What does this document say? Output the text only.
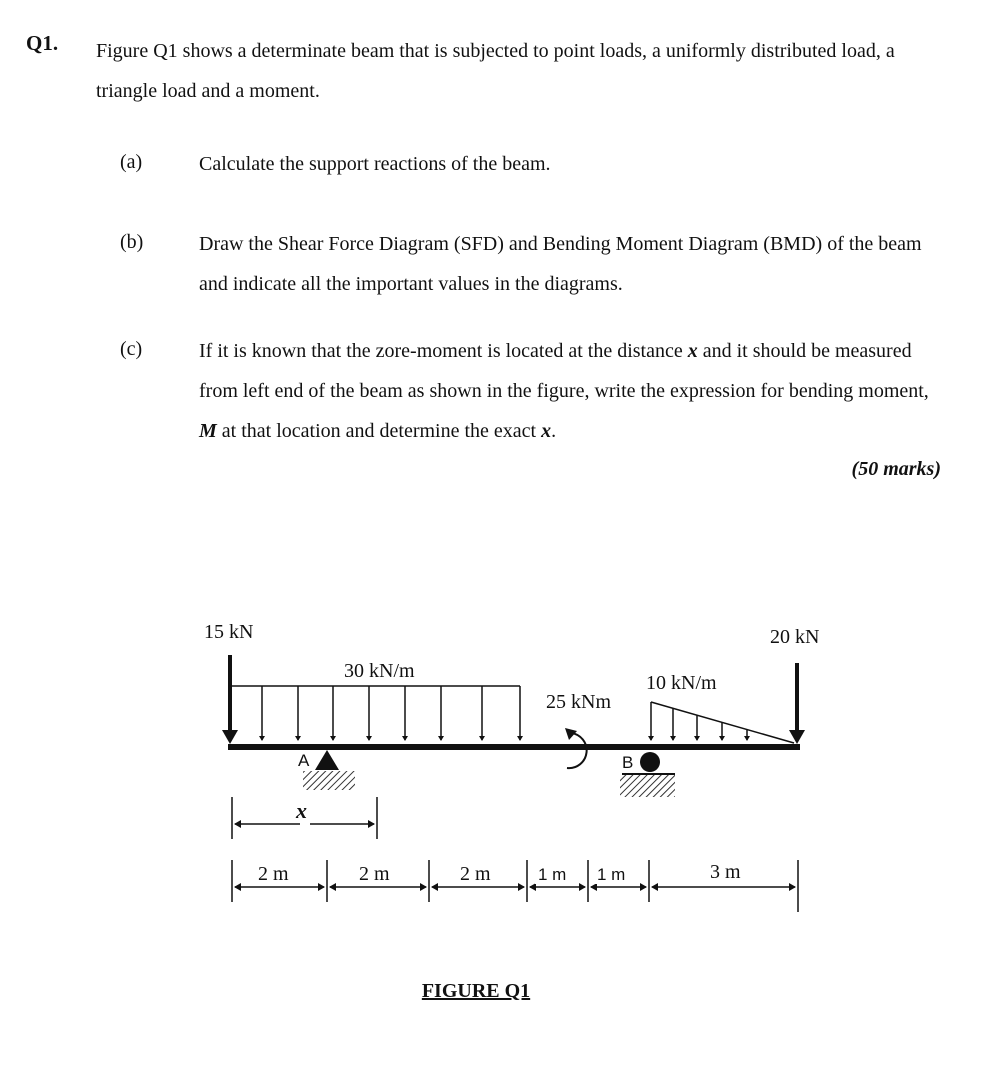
Q1. Figure Q1 shows a determinate beam that is subjected to point loads, a uniformly distributed load, a triangle load and a moment.
(a)	Calculate the support reactions of the beam.
(b)	Draw the Shear Force Diagram (SFD) and Bending Moment Diagram (BMD) of the beam and indicate all the important values in the diagrams.
(c)	If it is known that the zore-moment is located at the distance x and it should be measured from left end of the beam as shown in the figure, write the expression for bending moment, M at that location and determine the exact x.
(50 marks)
15 kN	20 kN
30 kN/m
10 kN/m
25 kNm
A	B
x
2 m	2 m	2 m	1 m 1 m	3 m
FIGURE Q1
